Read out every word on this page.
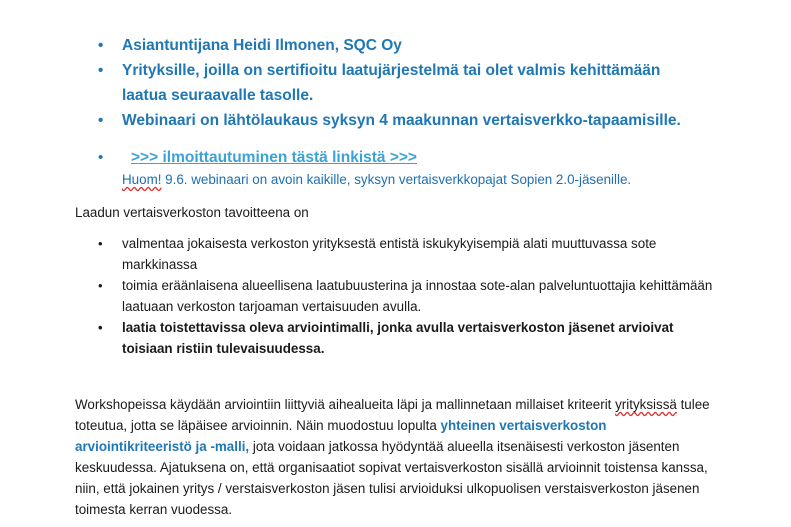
• Asiantuntijana Heidi Ilmonen, SQC Oy
• Yrityksille, joilla on sertifioitu laatujärjestelmä tai olet valmis kehittämään
laatua seuraavalle tasolle.
• Webinaari on lähtölaukaus syksyn 4 maakunnan vertaisverkko-tapaamisille.
• >>> ilmoittautuminen tästä linkistä >>>
Huom! 9.6. webinaari on avoin kaikille, syksyn vertaisverkkopajat Sopien 2.0-jäsenille.
Laadun vertaisverkoston tavoitteena on
• valmentaa jokaisesta verkoston yrityksestä entistä iskukykyisempiä alati muuttuvassa sote markkinassa
• toimia eräänlaisena alueellisena laatubuusterina ja innostaa sote-alan palveluntuottajia kehittämään laatuaan verkoston tarjoaman vertaisuuden avulla.
• laatia toistettavissa oleva arviointimalli, jonka avulla vertaisverkoston jäsenet arvioivat toisiaan ristiin tulevaisuudessa.
Workshopeissa käydään arviointiin liittyviä aihealueita läpi ja mallinnetaan millaiset kriteerit yrityksissä tulee toteutua, jotta se läpäisee arvioinnin. Näin muodostuu lopulta yhteinen vertaisverkoston arviointikriteeristö ja -malli, jota voidaan jatkossa hyödyntää alueella itsenäisesti verkoston jäsenten keskuudessa. Ajatuksena on, että organisaatiot sopivat vertaisverkoston sisällä arvioinnit toistensa kanssa, niin, että jokainen yritys / verstaisverkoston jäsen tulisi arvioiduksi ulkopuolisen verstaisverkoston jäsenen toimesta kerran vuodessa.
